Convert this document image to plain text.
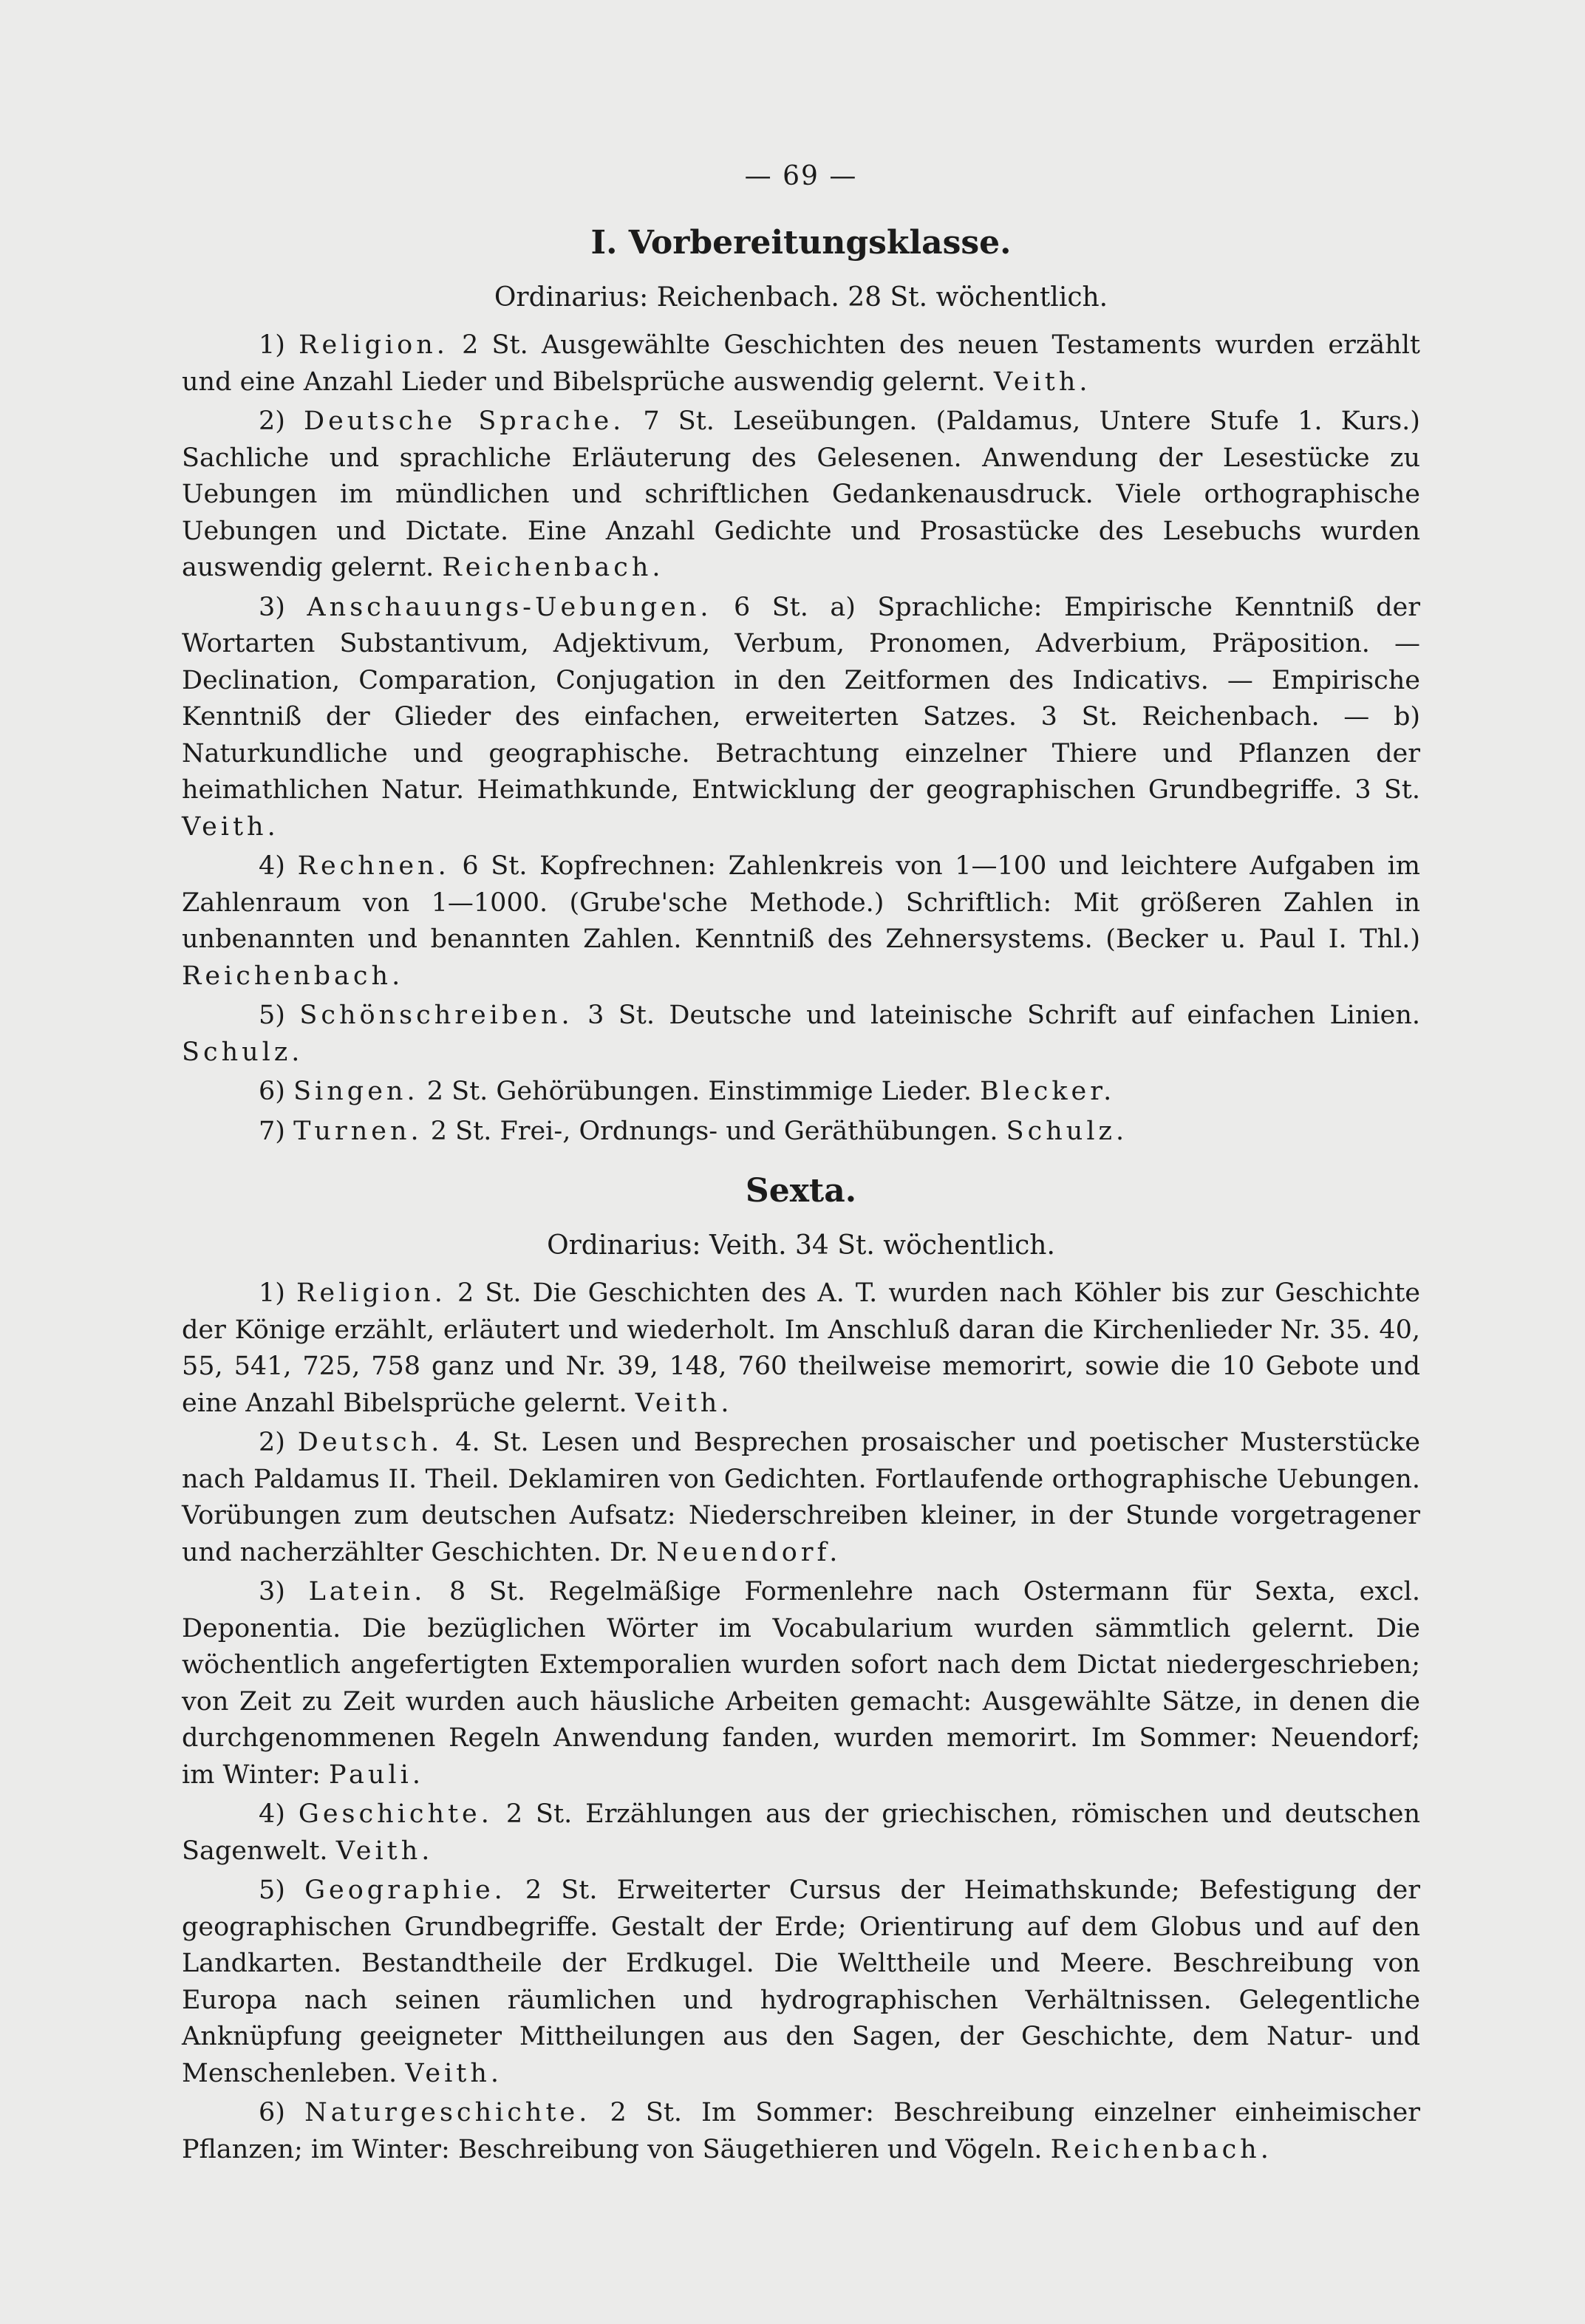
— 69 —
I. Vorbereitungsklasse.
Ordinarius: Reichenbach. 28 St. wöchentlich.

1) Religion. 2 St. Ausgewählte Geschichten des neuen Testaments wurden erzählt und eine Anzahl Lieder und Bibelsprüche auswendig gelernt. Veith.

2) Deutsche Sprache. 7 St. Leseübungen. (Paldamus, Untere Stufe 1. Kurs.) Sachliche und sprachliche Erläuterung des Gelesenen. Anwendung der Lesestücke zu Uebungen im mündlichen und schriftlichen Gedankenausdruck. Viele orthographische Uebungen und Dictate. Eine Anzahl Gedichte und Prosastücke des Lesebuchs wurden auswendig gelernt. Reichenbach.

3) Anschauungs-Uebungen. 6 St. a) Sprachliche: Empirische Kenntniß der Wortarten Substantivum, Adjektivum, Verbum, Pronomen, Adverbium, Präposition. — Declination, Comparation, Conjugation in den Zeitformen des Indicativs. — Empirische Kenntniß der Glieder des einfachen, erweiterten Satzes. 3 St. Reichenbach. — b) Naturkundliche und geographische. Betrachtung einzelner Thiere und Pflanzen der heimathlichen Natur. Heimathkunde, Entwicklung der geographischen Grundbegriffe. 3 St. Veith.

4) Rechnen. 6 St. Kopfrechnen: Zahlenkreis von 1—100 und leichtere Aufgaben im Zahlenraum von 1—1000. (Grube'sche Methode.) Schriftlich: Mit größeren Zahlen in unbenannten und benannten Zahlen. Kenntniß des Zehnersystems. (Becker u. Paul I. Thl.) Reichenbach.

5) Schönschreiben. 3 St. Deutsche und lateinische Schrift auf einfachen Linien. Schulz.

6) Singen. 2 St. Gehörübungen. Einstimmige Lieder. Blecker.

7) Turnen. 2 St. Frei-, Ordnungs- und Geräthübungen. Schulz.

Sexta.
Ordinarius: Veith. 34 St. wöchentlich.

1) Religion. 2 St. Die Geschichten des A. T. wurden nach Köhler bis zur Geschichte der Könige erzählt, erläutert und wiederholt. Im Anschluß daran die Kirchenlieder Nr. 35. 40, 55, 541, 725, 758 ganz und Nr. 39, 148, 760 theilweise memorirt, sowie die 10 Gebote und eine Anzahl Bibelsprüche gelernt. Veith.

2) Deutsch. 4. St. Lesen und Besprechen prosaischer und poetischer Musterstücke nach Paldamus II. Theil. Deklamiren von Gedichten. Fortlaufende orthographische Uebungen. Vorübungen zum deutschen Aufsatz: Niederschreiben kleiner, in der Stunde vorgetragener und nacherzählter Geschichten. Dr. Neuendorf.

3) Latein. 8 St. Regelmäßige Formenlehre nach Ostermann für Sexta, excl. Deponentia. Die bezüglichen Wörter im Vocabularium wurden sämmtlich gelernt. Die wöchentlich angefertigten Extemporalien wurden sofort nach dem Dictat niedergeschrieben; von Zeit zu Zeit wurden auch häusliche Arbeiten gemacht: Ausgewählte Sätze, in denen die durchgenommenen Regeln Anwendung fanden, wurden memorirt. Im Sommer: Neuendorf; im Winter: Pauli.

4) Geschichte. 2 St. Erzählungen aus der griechischen, römischen und deutschen Sagenwelt. Veith.

5) Geographie. 2 St. Erweiterter Cursus der Heimathskunde; Befestigung der geographischen Grundbegriffe. Gestalt der Erde; Orientirung auf dem Globus und auf den Landkarten. Bestandtheile der Erdkugel. Die Welttheile und Meere. Beschreibung von Europa nach seinen räumlichen und hydrographischen Verhältnissen. Gelegentliche Anknüpfung geeigneter Mittheilungen aus den Sagen, der Geschichte, dem Natur- und Menschenleben. Veith.

6) Naturgeschichte. 2 St. Im Sommer: Beschreibung einzelner einheimischer Pflanzen; im Winter: Beschreibung von Säugethieren und Vögeln. Reichenbach.
